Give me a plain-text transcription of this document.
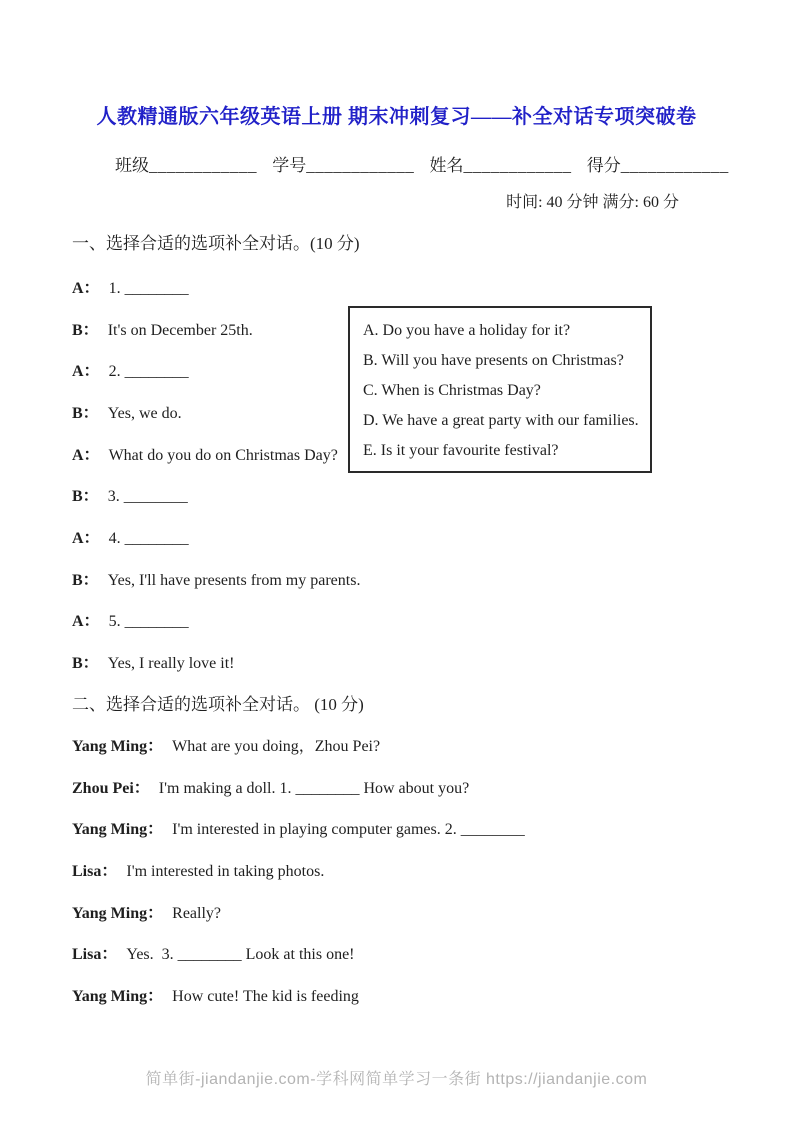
人教精通版六年级英语上册 期末冲刺复习——补全对话专项突破卷
班级____________ 学号____________ 姓名____________ 得分____________
时间: 40 分钟 满分: 60 分
一、选择合适的选项补全对话。(10 分)
A： 1. ________
B： It's on December 25th.
A： 2. ________
B： Yes, we do.
A： What do you do on Christmas Day?
B： 3. ________
A： 4. ________
B： Yes, I'll have presents from my parents.
A： 5. ________
B： Yes, I really love it!
A. Do you have a holiday for it?
B. Will you have presents on Christmas?
C. When is Christmas Day?
D. We have a great party with our families.
E. Is it your favourite festival?
二、选择合适的选项补全对话。 (10 分)
Yang Ming： What are you doing，Zhou Pei?
Zhou Pei： I'm making a doll. 1. ________ How about you?
Yang Ming： I'm interested in playing computer games. 2. ________
Lisa： I'm interested in taking photos.
Yang Ming： Really?
Lisa： Yes.  3. ________ Look at this one!
Yang Ming： How cute! The kid is feeding
简单街-jiandanjie.com-学科网简单学习一条街 https://jiandanjie.com
